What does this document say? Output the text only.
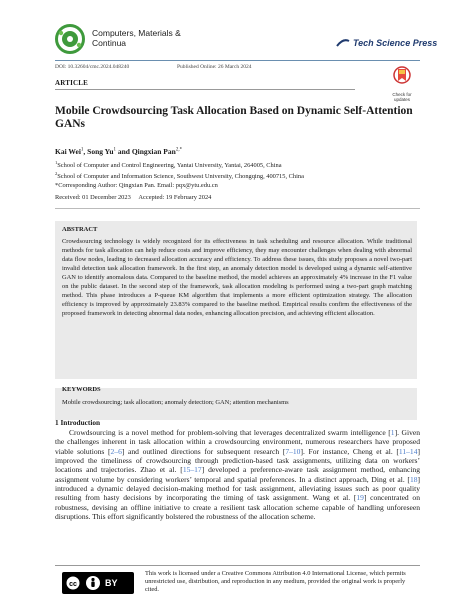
Computers, Materials &
Continua	Tech Science Press
DOI: 10.32604/cmc.2024.048240	Published Online: 26 March 2024
Check for
updates
ARTICLE
Mobile Crowdsourcing Task Allocation Based on Dynamic Self-Attention GANs
Kai Wei$^1$, Song Yu$^1$ and Qingxian Pan$^{2,*}$
$^1$School of Computer and Control Engineering, Yantai University, Yantai, 264005, China
$^2$School of Computer and Information Science, Southwest University, Chongqing, 400715, China
*Corresponding Author: Qingxian Pan. Email: pqx@ytu.edu.cn
Received: 01 December 2023     Accepted: 19 February 2024
ABSTRACT
Crowdsourcing technology is widely recognized for its effectiveness in task scheduling and resource allocation. While traditional methods for task allocation can help reduce costs and improve efficiency, they may encounter challenges when dealing with abnormal data flow nodes, leading to decreased allocation accuracy and efficiency. To address these issues, this study proposes a novel two-part invalid detection task allocation framework. In the first step, an anomaly detection model is developed using a dynamic self-attentive GAN to identify anomalous data. Compared to the baseline method, the model achieves an approximately 4% increase in the F1 value on the public dataset. In the second step of the framework, task allocation modeling is performed using a two-part graph matching method. This phase introduces a P-queue KM algorithm that implements a more efficient optimization strategy. The allocation efficiency is improved by approximately 23.83% compared to the baseline method. Empirical results confirm the effectiveness of the proposed framework in detecting abnormal data nodes, enhancing allocation precision, and achieving efficient allocation.
KEYWORDS
Mobile crowdsourcing; task allocation; anomaly detection; GAN; attention mechanisms
1 Introduction
Crowdsourcing is a novel method for problem-solving that leverages decentralized swarm intelligence [1]. Given the challenges inherent in task allocation within a crowdsourcing environment, numerous researchers have proposed viable solutions [2–6] and outlined directions for subsequent research [7–10]. For instance, Cheng et al. [11–14] improved the timeliness of crowdsourcing through prediction-based task assignments, utilizing data on workers’ locations and trajectories. Zhao et al. [15–17] developed a preference-aware task assignment method, enhancing assignment volume by considering workers’ temporal and spatial preferences. In a distinct approach, Ding et al. [18] introduced a dynamic delayed decision-making method for task assignment, alleviating issues such as poor quality resulting from hasty decisions by incorporating the timing of task assignment. Wang et al. [19] concentrated on robustness, devising an offline initiative to create a resilient task allocation scheme capable of handling unforeseen disruptions. This effort significantly bolstered the robustness of the allocation scheme.
cc	BY
This work is licensed under a Creative Commons Attribution 4.0 International License, which permits unrestricted use, distribution, and reproduction in any medium, provided the original work is properly cited.
